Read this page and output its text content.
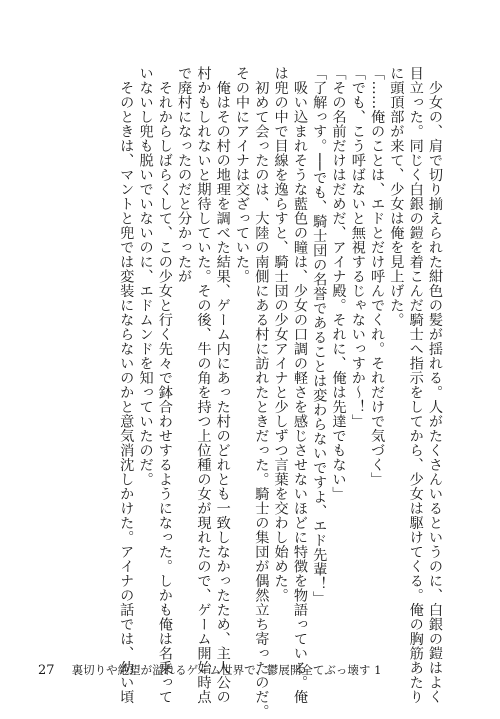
　少女の、肩で切り揃えられた紺色の髪が揺れる。人がたくさんいるというのに、白銀の鎧はよく
目立った。同じく白銀の鎧を着こんだ騎士へ指示をしてから、少女は駆けてくる。俺の胸筋あたり
に頭頂部が来て、少女は俺を見上げた。
「……俺のことは、エドとだけ呼んでくれ。それだけで気づく」
「でも、こう呼ばないと無視するじゃないっすか～！」
「その名前だけはだめだ、アイナ殿。それに、俺は先達でもない」
「了解っす。──でも、騎士団の名誉であることは変わらないですよ、エド先輩！」
　吸い込まれそうな藍色の瞳は、少女の口調の軽さを感じさせないほどに特徴を物語っている。俺
は兜の中で目線を逸らすと、騎士団の少女アイナと少しずつ言葉を交わし始めた。
　初めて会ったのは、大陸の南側にある村に訪れたときだった。騎士の集団が偶然立ち寄ったのだ。
その中にアイナは交ざっていた。
　俺はその村の地理を調べた結果、ゲーム内にあった村のどれとも一致しなかったため、主人公の
村かもしれないと期待していた。その後、牛の角を持つ上位種の女が現れたので、ゲーム開始時点
で廃村になったのだと分かったが
　それからしばらくして、この少女と行く先々で鉢合わせするようになった。しかも俺は名乗って
いないし兜も脱いでいないのに、エドムンドを知っていたのだ。
　そのときは、マントと兜では変装にならないのかと意気消沈しかけた。アイナの話では、幼い頃
27 裏切りや絶望が溢れるゲーム世界で、鬱展開全てぶっ壊す 1
